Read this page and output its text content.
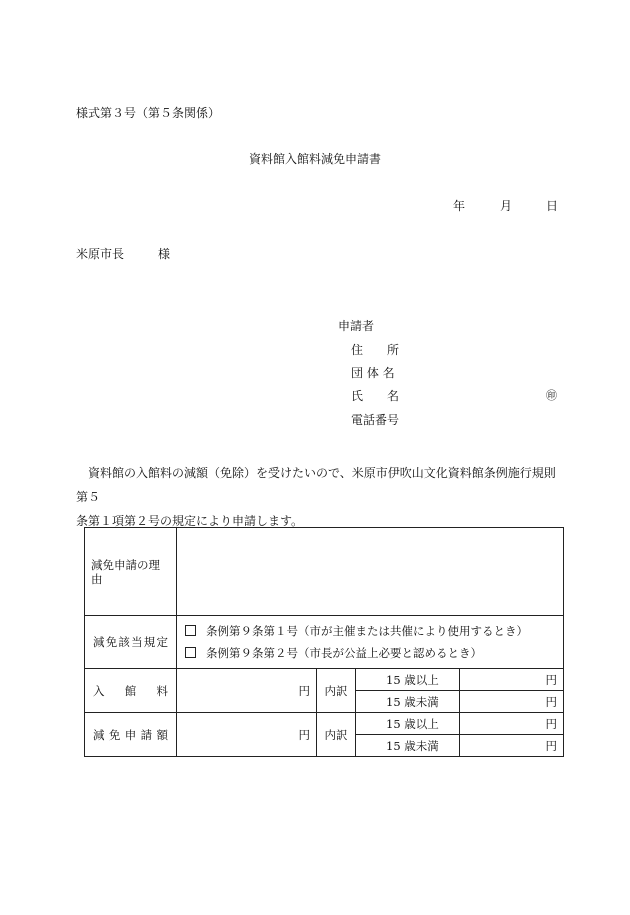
様式第３号（第５条関係）
資料館入館料減免申請書
年	月	日
米原市長	様
申請者
住　　所
団 体 名
氏　　名	㊞
電話番号

　資料館の入館料の減額（免除）を受けたいので、米原市伊吹山文化資料館条例施行規則第５

条第１項第２号の規定により申請します。

減免申請の理由				
減免該当規定	条例第９条第１号（市が主催または共催により使用するとき）
条例第９条第２号（市長が公益上必要と認めるとき）			

入　館　料	円	内訳	15 歳以上	円
			15 歳未満	円
減 免 申 請 額	円	内訳	15 歳以上	円
			15 歳未満	円
